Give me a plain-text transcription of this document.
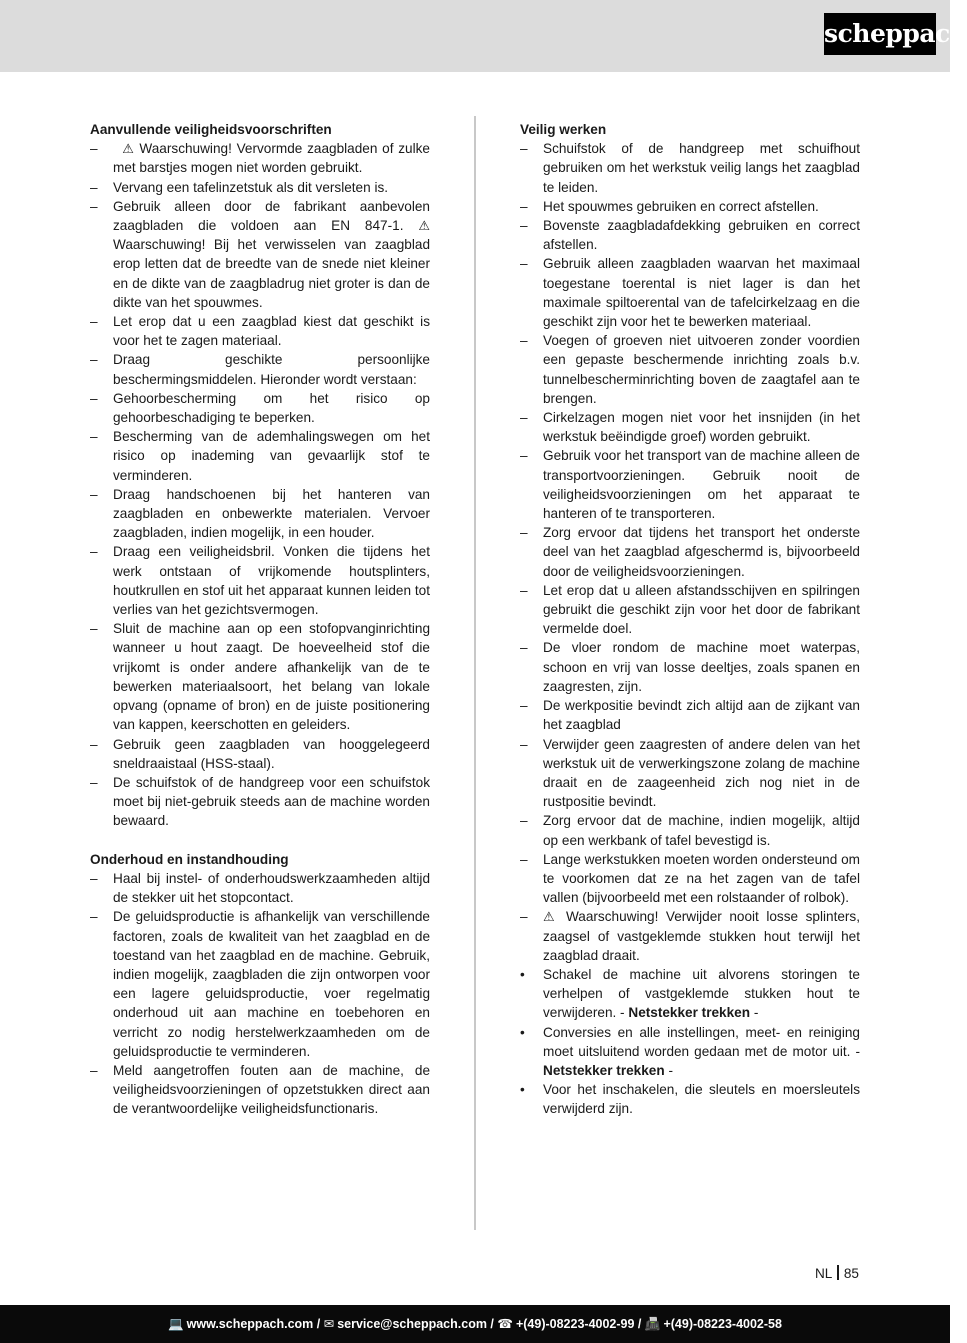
scheppach

Aanvullende veiligheidsvoorschriften

–   ⚠ Waarschuwing! Vervormde zaagbladen of zulke met barstjes mogen niet worden gebruikt.
– Vervang een tafelinzetstuk als dit versleten is.
– Gebruik alleen door de fabrikant aanbevolen zaagbladen die voldoen aan EN 847-1. ⚠ Waarschuwing! Bij het verwisselen van zaagblad erop letten dat de breedte van de snede niet kleiner en de dikte van de zaagbladrug niet groter is dan de dikte van het spouwmes.
– Let erop dat u een zaagblad kiest dat geschikt is voor het te zagen materiaal.
– Draag geschikte persoonlijke beschermingsmiddelen. Hieronder wordt verstaan:
– Gehoorbescherming om het risico op gehoorbeschadiging te beperken.
– Bescherming van de ademhalingswegen om het risico op inademing van gevaarlijk stof te verminderen.
– Draag handschoenen bij het hanteren van zaagbladen en onbewerkte materialen. Vervoer zaagbladen, indien mogelijk, in een houder.
– Draag een veiligheidsbril. Vonken die tijdens het werk ontstaan of vrijkomende houtsplinters, houtkrullen en stof uit het apparaat kunnen leiden tot verlies van het gezichtsvermogen.
– Sluit de machine aan op een stofopvanginrichting wanneer u hout zaagt. De hoeveelheid stof die vrijkomt is onder andere afhankelijk van de te bewerken materiaalsoort, het belang van lokale opvang (opname of bron) en de juiste positionering van kappen, keerschotten en geleiders.
– Gebruik geen zaagbladen van hooggelegeerd sneldraaistaal (HSS-staal).
– De schuifstok of de handgreep voor een schuifstok moet bij niet-gebruik steeds aan de machine worden bewaard.

Onderhoud en instandhouding

– Haal bij instel- of onderhoudswerkzaamheden altijd de stekker uit het stopcontact.
– De geluidsproductie is afhankelijk van verschillende factoren, zoals de kwaliteit van het zaagblad en de toestand van het zaagblad en de machine. Gebruik, indien mogelijk, zaagbladen die zijn ontworpen voor een lagere geluidsproductie, voer regelmatig onderhoud uit aan machine en toebehoren en verricht zo nodig herstelwerkzaamheden om de geluidsproductie te verminderen.
– Meld aangetroffen fouten aan de machine, de veiligheidsvoorzieningen of opzetstukken direct aan de verantwoordelijke veiligheidsfunctionaris.

Veilig werken

– Schuifstok of de handgreep met schuifhout gebruiken om het werkstuk veilig langs het zaagblad te leiden.
– Het spouwmes gebruiken en correct afstellen.
– Bovenste zaagbladafdekking gebruiken en correct afstellen.
– Gebruik alleen zaagbladen waarvan het maximaal toegestane toerental is niet lager is dan het maximale spiltoerental van de tafelcirkelzaag en die geschikt zijn voor het te bewerken materiaal.
– Voegen of groeven niet uitvoeren zonder voordien een gepaste beschermende inrichting zoals b.v. tunnelbescherminrichting boven de zaagtafel aan te brengen.
– Cirkelzagen mogen niet voor het insnijden (in het werkstuk beëindigde groef) worden gebruikt.
– Gebruik voor het transport van de machine alleen de transportvoorzieningen. Gebruik nooit de veiligheidsvoorzieningen om het apparaat te hanteren of te transporteren.
– Zorg ervoor dat tijdens het transport het onderste deel van het zaagblad afgeschermd is, bijvoorbeeld door de veiligheidsvoorzieningen.
– Let erop dat u alleen afstandsschijven en spilringen gebruikt die geschikt zijn voor het door de fabrikant vermelde doel.
– De vloer rondom de machine moet waterpas, schoon en vrij van losse deeltjes, zoals spanen en zaagresten, zijn.
– De werkpositie bevindt zich altijd aan de zijkant van het zaagblad
– Verwijder geen zaagresten of andere delen van het werkstuk uit de verwerkingszone zolang de machine draait en de zaageenheid zich nog niet in de rustpositie bevindt.
– Zorg ervoor dat de machine, indien mogelijk, altijd op een werkbank of tafel bevestigd is.
– Lange werkstukken moeten worden ondersteund om te voorkomen dat ze na het zagen van de tafel vallen (bijvoorbeeld met een rolstaander of rolbok).
– ⚠ Waarschuwing! Verwijder nooit losse splinters, zaagsel of vastgeklemde stukken hout terwijl het zaagblad draait.
• Schakel de machine uit alvorens storingen te verhelpen of vastgeklemde stukken hout te verwijderen. - Netstekker trekken -
• Conversies en alle instellingen, meet- en reiniging moet uitsluitend worden gedaan met de motor uit. - Netstekker trekken -
• Voor het inschakelen, die sleutels en moersleutels verwijderd zijn.
NL 85
💻 www.scheppach.com / ✉ service@scheppach.com / ☎ +(49)-08223-4002-99 / 📠 +(49)-08223-4002-58
